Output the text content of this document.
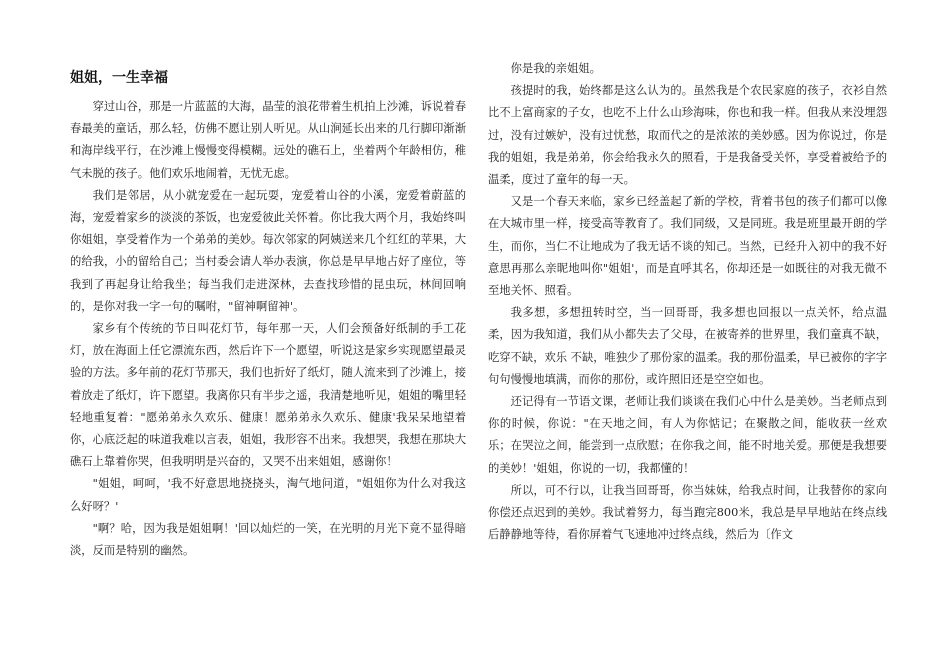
姐姐，一生幸福

穿过山谷，那是一片蓝蓝的大海，晶莹的浪花带着生机拍上沙滩，诉说着春春最美的童话，那么轻，仿佛不愿让别人听见。从山涧延长出来的几行脚印渐渐和海岸线平行，在沙滩上慢慢变得模糊。远处的礁石上，坐着两个年龄相仿，稚气未脱的孩子。他们欢乐地闹着，无忧无虑。

我们是邻居，从小就宠爱在一起玩耍，宠爱着山谷的小溪，宠爱着蔚蓝的海，宠爱着家乡的淡淡的茶饭，也宠爱彼此关怀着。你比我大两个月，我始终叫你姐姐，享受着作为一个弟弟的美妙。每次邻家的阿姨送来几个红红的苹果，大的给我，小的留给自己；当村委会请人举办表演，你总是早早地占好了座位，等我到了再起身让给我坐；每当我们走进深林，去查找珍惜的昆虫玩，林间回响的，是你对我一字一句的嘱咐，"留神啊留神'。

家乡有个传统的节日叫花灯节，每年那一天，人们会预备好纸制的手工花灯，放在海面上任它漂流东西，然后许下一个愿望，听说这是家乡实现愿望最灵验的方法。多年前的花灯节那天，我们也折好了纸灯，随人流来到了沙滩上，接着放走了纸灯，许下愿望。我离你只有半步之遥，我清楚地听见，姐姐的嘴里轻轻地重复着："愿弟弟永久欢乐、健康！愿弟弟永久欢乐、健康'我呆呆地望着你，心底泛起的味道我难以言表，姐姐，我形容不出来。我想哭，我想在那块大礁石上靠着你哭，但我明明是兴奋的，又哭不出来姐姐，感谢你！

"姐姐，呵呵，'我不好意思地挠挠头，淘气地问道，"姐姐你为什么对我这么好呀？'

"啊？哈，因为我是姐姐啊！'回以灿烂的一笑，在光明的月光下竟不显得暗淡，反而是特别的幽然。

你是我的亲姐姐。

孩提时的我，始终都是这么认为的。虽然我是个农民家庭的孩子，衣衫自然比不上富商家的子女，也吃不上什么山珍海味，你也和我一样。但我从来没埋怨过，没有过嫉妒，没有过忧愁，取而代之的是浓浓的美妙感。因为你说过，你是我的姐姐，我是弟弟，你会给我永久的照看，于是我备受关怀，享受着被给予的温柔，度过了童年的每一天。

又是一个春天来临，家乡已经盖起了新的学校，背着书包的孩子们都可以像在大城市里一样，接受高等教育了。我们同级，又是同班。我是班里最开朗的学生，而你，当仁不让地成为了我无话不谈的知己。当然，已经升入初中的我不好意思再那么亲昵地叫你"姐姐'，而是直呼其名，你却还是一如既往的对我无微不至地关怀、照看。

我多想，多想扭转时空，当一回哥哥，我多想也回报以一点关怀，给点温柔，因为我知道，我们从小都失去了父母，在被寄养的世界里，我们童真不缺，吃穿不缺，欢乐 不缺，唯独少了那份家的温柔。我的那份温柔，早已被你的字字句句慢慢地填满，而你的那份，或许照旧还是空空如也。

还记得有一节语文课，老师让我们谈谈在我们心中什么是美妙。当老师点到你的时候，你说："在天地之间，有人为你惦记；在聚散之间，能收获一丝欢乐；在哭泣之间，能尝到一点欣慰；在你我之间，能不时地关爱。那便是我想要的美妙！'姐姐，你说的一切，我都懂的！

所以，可不行以，让我当回哥哥，你当妹妹，给我点时间，让我替你的家向你偿还点迟到的美妙。我试着努力，每当跑完800米，我总是早早地站在终点线后静静地等待，看你屏着气飞速地冲过终点线，然后为〔作文
